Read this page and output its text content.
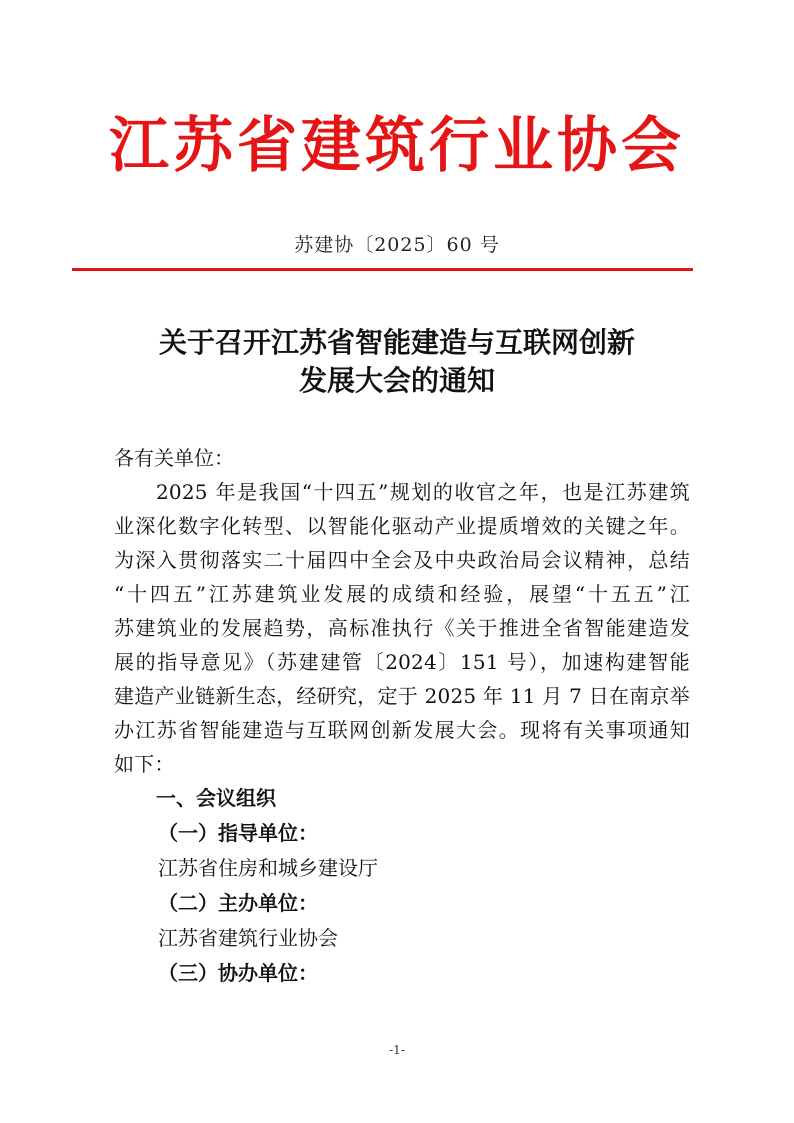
江苏省建筑行业协会
苏建协〔2025〕60 号
关于召开江苏省智能建造与互联网创新
发展大会的通知
各有关单位：
2025 年是我国“十四五”规划的收官之年，也是江苏建筑
业深化数字化转型、以智能化驱动产业提质增效的关键之年。
为深入贯彻落实二十届四中全会及中央政治局会议精神，总结
“十四五”江苏建筑业发展的成绩和经验，展望“十五五”江
苏建筑业的发展趋势，高标准执行《关于推进全省智能建造发
展的指导意见》（苏建建管〔2024〕151 号），加速构建智能
建造产业链新生态，经研究，定于 2025 年 11 月 7 日在南京举
办江苏省智能建造与互联网创新发展大会。现将有关事项通知
如下：
一、会议组织
（一）指导单位：
江苏省住房和城乡建设厅
（二）主办单位：
江苏省建筑行业协会
（三）协办单位：
-1-
